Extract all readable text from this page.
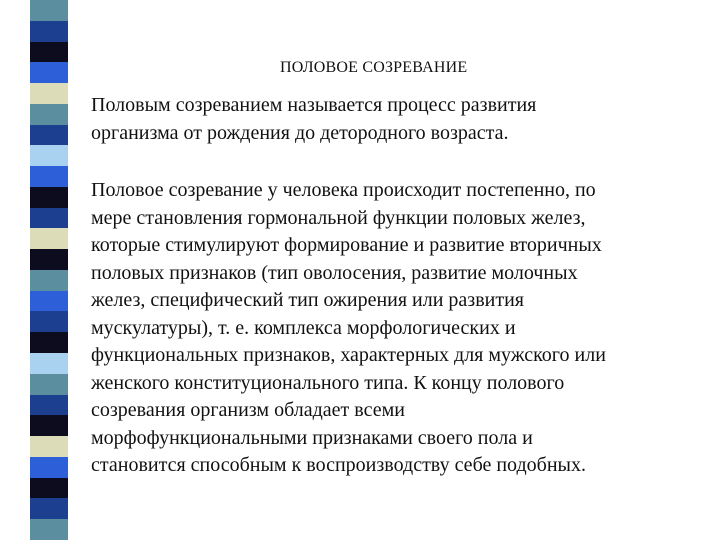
ПОЛОВОЕ СОЗРЕВАНИЕ

Половым созреванием называется процесс развития
организма от рождения до детородного возраста.

Половое созревание у человека происходит постепенно, по
мере становления гормональной функции половых желез,
которые стимулируют формирование и развитие вторичных
половых признаков (тип оволосения, развитие молочных
желез, специфический тип ожирения или развития
мускулатуры), т. е. комплекса морфологических и
функциональных признаков, характерных для мужского или
женского конституционального типа. К концу полового
созревания организм обладает всеми
морфофункциональными признаками своего пола и
становится способным к воспроизводству себе подобных.
